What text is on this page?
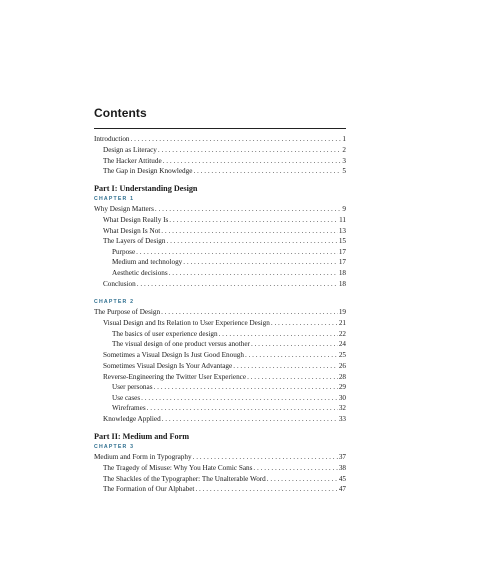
Contents
Introduction . . .	1
Design as Literacy . . .	2
The Hacker Attitude . . .	3
The Gap in Design Knowledge . . .	5
Part I: Understanding Design
CHAPTER 1
Why Design Matters . . .	9
What Design Really Is . . .	11
What Design Is Not . . .	13
The Layers of Design . . .	15
Purpose . . .	17
Medium and technology . . .	17
Aesthetic decisions . . .	18
Conclusion . . .	18
CHAPTER 2
The Purpose of Design . . .	19
Visual Design and Its Relation to User Experience Design . . .	21
The basics of user experience design . . .	22
The visual design of one product versus another . . .	24
Sometimes a Visual Design Is Just Good Enough . . .	25
Sometimes Visual Design Is Your Advantage . . .	26
Reverse-Engineering the Twitter User Experience . . .	28
User personas . . .	29
Use cases . . .	30
Wireframes . . .	32
Knowledge Applied . . .	33
Part II: Medium and Form
CHAPTER 3
Medium and Form in Typography . . .	37
The Tragedy of Misuse: Why You Hate Comic Sans . . .	38
The Shackles of the Typographer: The Unalterable Word . . .	45
The Formation of Our Alphabet . . .	47
